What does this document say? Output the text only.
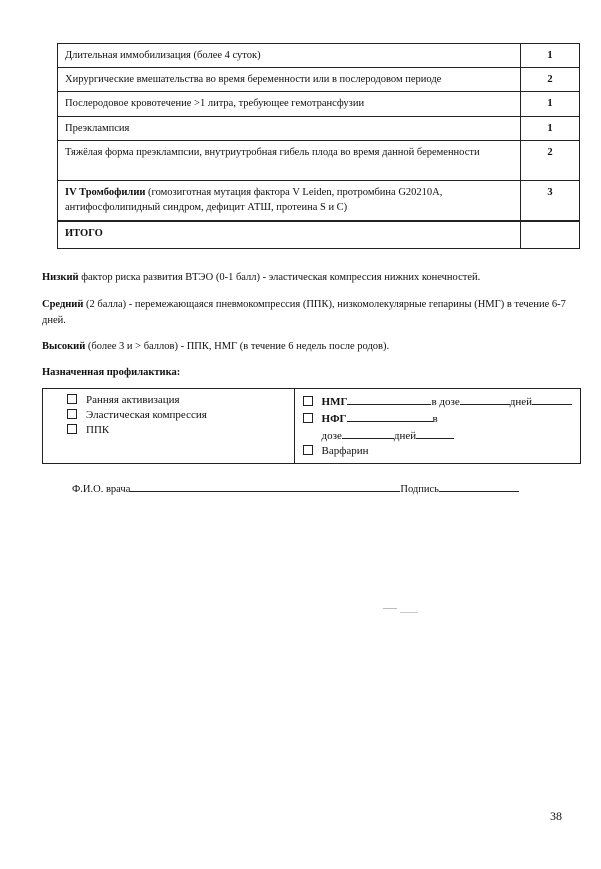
Длительная иммобилизация (более 4 суток)	1
Хирургические вмешательства во время беременности или в послеродовом периоде	2
Послеродовое кровотечение >1 литра, требующее гемотрансфузии	1
Преэклампсия	1
Тяжёлая форма преэклампсии, внутриутробная гибель плода во время данной беременности	2
IV Тромбофилии (гомозиготная мутация фактора V Leiden, протромбина G20210A, антифосфолипидный синдром, дефицит АТШ, протеина S и С)	3
ИТОГО	
Низкий фактор риска развития ВТЭО (0-1 балл) - эластическая компрессия нижних конечностей.
Средний (2 балла) - перемежающаяся пневмокомпрессия (ППК), низкомолекулярные гепарины (НМГ) в течение 6-7 дней.
Высокий (более 3 и > баллов) - ППК, НМГ (в течение 6 недель после родов).
Назначенная профилактика:
Ранняя активизация
Эластическая компрессия
ППК

НМГ	в дозе	дней
НФГ	в
дозе	дней
Варфарин
Ф.И.О. врача	Подпись
38
